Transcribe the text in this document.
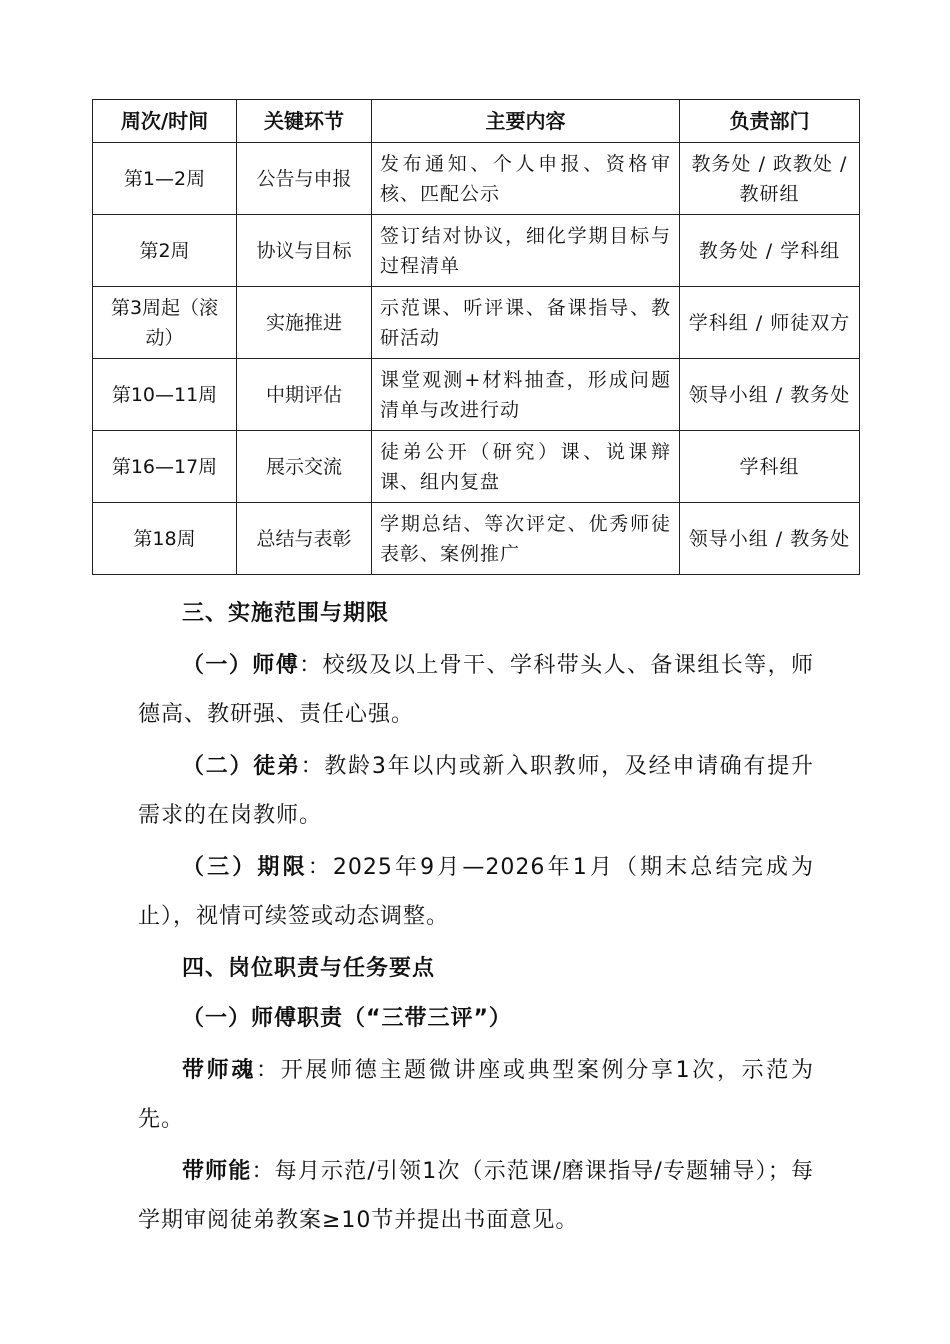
周次/时间	关键环节	主要内容	负责部门
第1—2周	公告与申报	发布通知、个人申报、资格审核、匹配公示	教务处 / 政教处 / 教研组
第2周	协议与目标	签订结对协议，细化学期目标与过程清单	教务处 / 学科组
第3周起（滚动）	实施推进	示范课、听评课、备课指导、教研活动	学科组 / 师徒双方
第10—11周	中期评估	课堂观测+材料抽查，形成问题清单与改进行动	领导小组 / 教务处
第16—17周	展示交流	徒弟公开（研究）课、说课辩课、组内复盘	学科组
第18周	总结与表彰	学期总结、等次评定、优秀师徒表彰、案例推广	领导小组 / 教务处

三、实施范围与期限

（一）师傅：校级及以上骨干、学科带头人、备课组长等，师德高、教研强、责任心强。

（二）徒弟：教龄3年以内或新入职教师，及经申请确有提升需求的在岗教师。

（三）期限：2025年9月—2026年1月（期末总结完成为止），视情可续签或动态调整。

四、岗位职责与任务要点

（一）师傅职责（“三带三评”）

带师魂：开展师德主题微讲座或典型案例分享1次，示范为先。

带师能：每月示范/引领1次（示范课/磨课指导/专题辅导）；每学期审阅徒弟教案≥10节并提出书面意见。
